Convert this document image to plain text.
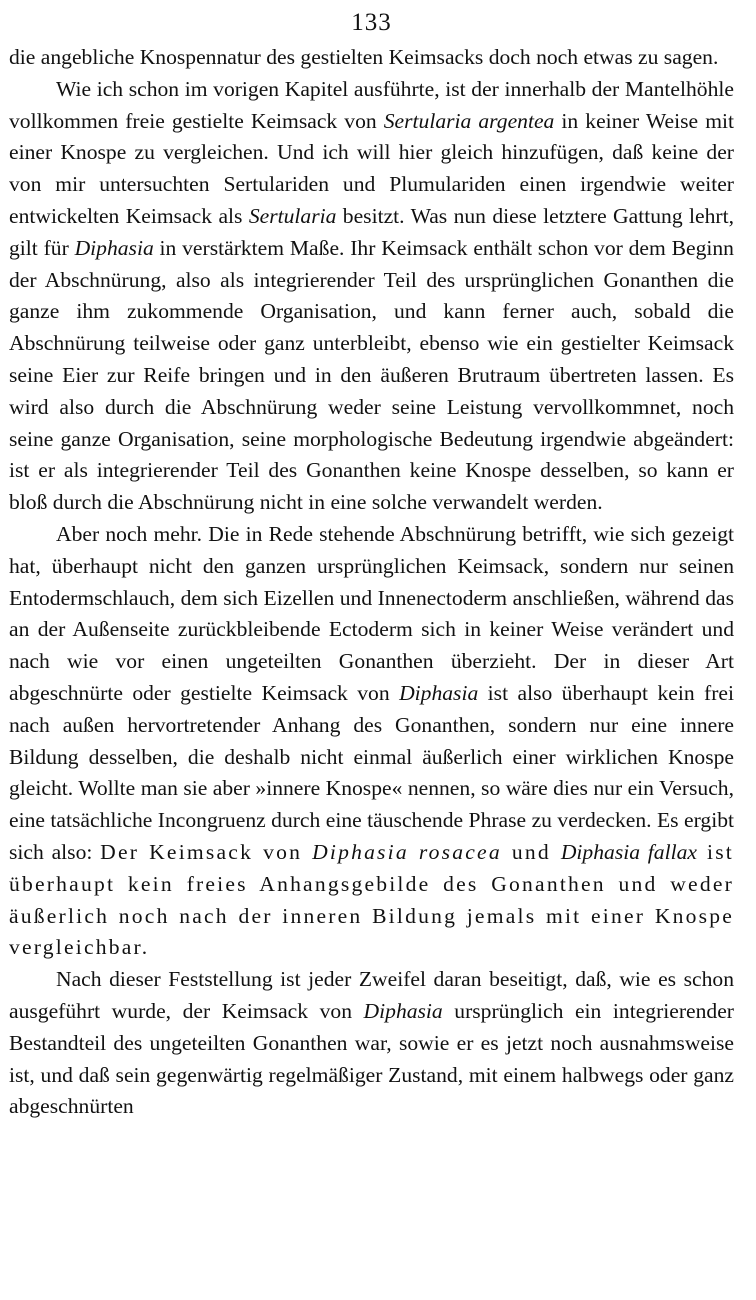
133

die angebliche Knospennatur des gestielten Keimsacks doch noch etwas zu sagen.

Wie ich schon im vorigen Kapitel ausführte, ist der innerhalb der Mantelhöhle vollkommen freie gestielte Keimsack von Sertularia argentea in keiner Weise mit einer Knospe zu vergleichen. Und ich will hier gleich hinzufügen, daß keine der von mir untersuchten Sertulariden und Plumulariden einen irgendwie weiter entwickelten Keimsack als Sertularia besitzt. Was nun diese letztere Gattung lehrt, gilt für Diphasia in verstärktem Maße. Ihr Keimsack enthält schon vor dem Beginn der Abschnürung, also als integrierender Teil des ursprünglichen Gonanthen die ganze ihm zukommende Organisation, und kann ferner auch, sobald die Abschnürung teilweise oder ganz unterbleibt, ebenso wie ein gestielter Keimsack seine Eier zur Reife bringen und in den äußeren Brutraum übertreten lassen. Es wird also durch die Abschnürung weder seine Leistung vervollkommnet, noch seine ganze Organisation, seine morphologische Bedeutung irgendwie abgeändert: ist er als integrierender Teil des Gonanthen keine Knospe desselben, so kann er bloß durch die Abschnürung nicht in eine solche verwandelt werden.

Aber noch mehr. Die in Rede stehende Abschnürung betrifft, wie sich gezeigt hat, überhaupt nicht den ganzen ursprünglichen Keimsack, sondern nur seinen Entodermschlauch, dem sich Eizellen und Innenectoderm anschließen, während das an der Außenseite zurückbleibende Ectoderm sich in keiner Weise verändert und nach wie vor einen ungeteilten Gonanthen überzieht. Der in dieser Art abgeschnürte oder gestielte Keimsack von Diphasia ist also überhaupt kein frei nach außen hervortretender Anhang des Gonanthen, sondern nur eine innere Bildung desselben, die deshalb nicht einmal äußerlich einer wirklichen Knospe gleicht. Wollte man sie aber »innere Knospe« nennen, so wäre dies nur ein Versuch, eine tatsächliche Incongruenz durch eine täuschende Phrase zu verdecken. Es ergibt sich also: Der Keimsack von Diphasia rosacea und Diphasia fallax ist überhaupt kein freies Anhangsgebilde des Gonanthen und weder äußerlich noch nach der inneren Bildung jemals mit einer Knospe vergleichbar.

Nach dieser Feststellung ist jeder Zweifel daran beseitigt, daß, wie es schon ausgeführt wurde, der Keimsack von Diphasia ursprünglich ein integrierender Bestandteil des ungeteilten Gonanthen war, sowie er es jetzt noch ausnahmsweise ist, und daß sein gegenwärtig regelmäßiger Zustand, mit einem halbwegs oder ganz abgeschnürten
